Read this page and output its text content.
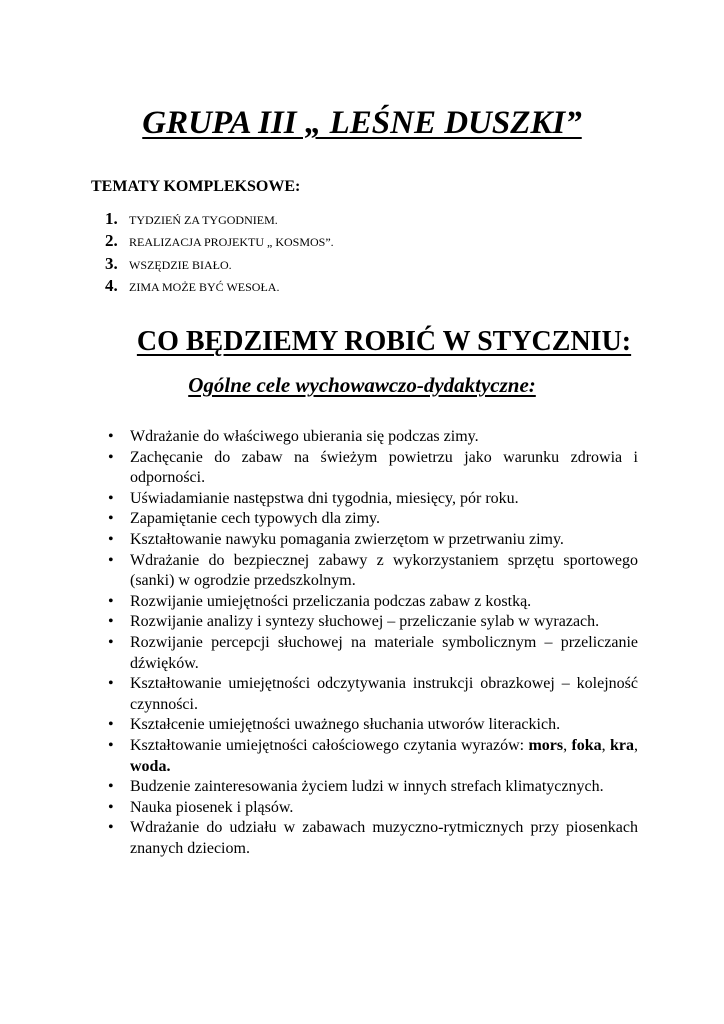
GRUPA III „ LEŚNE DUSZKI”
TEMATY KOMPLEKSOWE:
1. TYDZIEŃ ZA TYGODNIEM.
2. REALIZACJA PROJEKTU „ KOSMOS”.
3. WSZĘDZIE BIAŁO.
4. ZIMA MOŻE BYĆ WESOŁA.
CO BĘDZIEMY ROBIĆ W STYCZNIU:
Ogólne cele wychowawczo-dydaktyczne:
• Wdrażanie do właściwego ubierania się podczas zimy.
• Zachęcanie do zabaw na świeżym powietrzu jako warunku zdrowia i odporności.
• Uświadamianie następstwa dni tygodnia, miesięcy, pór roku.
• Zapamiętanie cech typowych dla zimy.
• Kształtowanie nawyku pomagania zwierzętom w przetrwaniu zimy.
• Wdrażanie do bezpiecznej zabawy z wykorzystaniem sprzętu sportowego (sanki) w ogrodzie przedszkolnym.
• Rozwijanie umiejętności przeliczania podczas zabaw z kostką.
• Rozwijanie analizy i syntezy słuchowej – przeliczanie sylab w wyrazach.
• Rozwijanie percepcji słuchowej na materiale symbolicznym – przeliczanie dźwięków.
• Kształtowanie umiejętności odczytywania instrukcji obrazkowej – kolejność czynności.
• Kształcenie umiejętności uważnego słuchania utworów literackich.
• Kształtowanie umiejętności całościowego czytania wyrazów: mors, foka, kra, woda.
• Budzenie zainteresowania życiem ludzi w innych strefach klimatycznych.
• Nauka piosenek i pląsów.
• Wdrażanie do udziału w zabawach muzyczno-rytmicznych przy piosenkach znanych dzieciom.
